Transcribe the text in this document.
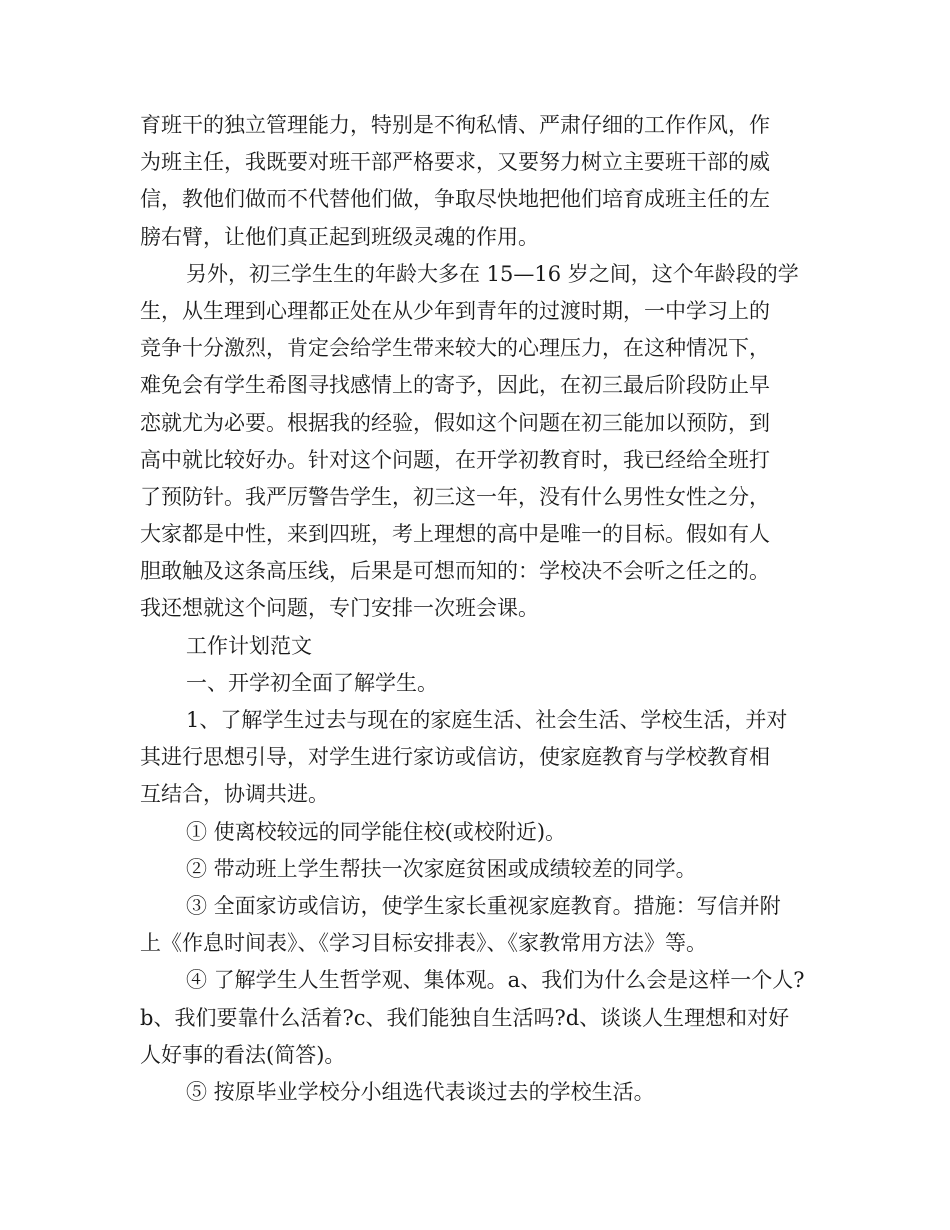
育班干的独立管理能力，特别是不徇私情、严肃仔细的工作作风，作
为班主任，我既要对班干部严格要求，又要努力树立主要班干部的威
信，教他们做而不代替他们做，争取尽快地把他们培育成班主任的左
膀右臂，让他们真正起到班级灵魂的作用。
另外，初三学生生的年龄大多在 15—16 岁之间，这个年龄段的学
生，从生理到心理都正处在从少年到青年的过渡时期，一中学习上的
竞争十分激烈，肯定会给学生带来较大的心理压力，在这种情况下，
难免会有学生希图寻找感情上的寄予，因此，在初三最后阶段防止早
恋就尤为必要。根据我的经验，假如这个问题在初三能加以预防，到
高中就比较好办。针对这个问题，在开学初教育时，我已经给全班打
了预防针。我严厉警告学生，初三这一年，没有什么男性女性之分，
大家都是中性，来到四班，考上理想的高中是唯一的目标。假如有人
胆敢触及这条高压线，后果是可想而知的：学校决不会听之任之的。
我还想就这个问题，专门安排一次班会课。
工作计划范文
一、开学初全面了解学生。
1、了解学生过去与现在的家庭生活、社会生活、学校生活，并对
其进行思想引导，对学生进行家访或信访，使家庭教育与学校教育相
互结合，协调共进。
① 使离校较远的同学能住校(或校附近)。
② 带动班上学生帮扶一次家庭贫困或成绩较差的同学。
③ 全面家访或信访，使学生家长重视家庭教育。措施：写信并附
上《作息时间表》、《学习目标安排表》、《家教常用方法》等。
④ 了解学生人生哲学观、集体观。a、我们为什么会是这样一个人?
b、我们要靠什么活着?c、我们能独自生活吗?d、谈谈人生理想和对好
人好事的看法(简答)。
⑤ 按原毕业学校分小组选代表谈过去的学校生活。
